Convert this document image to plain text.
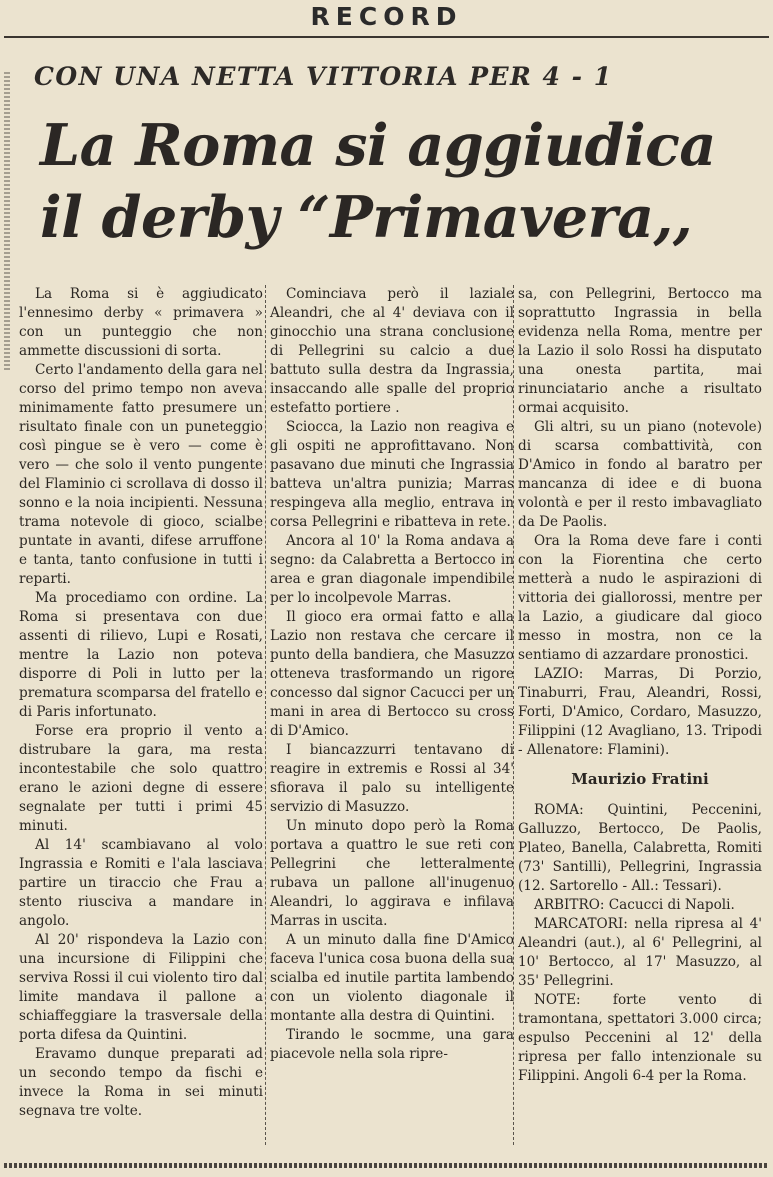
RECORD
CON UNA NETTA VITTORIA PER 4 - 1
La Roma si aggiudica
il derby “Primavera,,

La Roma si è aggiudicato l'ennesimo derby « primavera » con un punteggio che non ammette discussioni di sorta.

Certo l'andamento della gara nel corso del primo tempo non aveva minimamente fatto presumere un risultato finale con un puneteggio così pingue se è vero — come è vero — che solo il vento pungente del Flaminio ci scrollava di dosso il sonno e la noia incipienti. Nessuna trama notevole di gioco, scialbe puntate in avanti, difese arruffone e tanta, tanto confusione in tutti i reparti.

Ma procediamo con ordine. La Roma si presentava con due assenti di rilievo, Lupi e Rosati, mentre la Lazio non poteva disporre di Poli in lutto per la prematura scomparsa del fratello e di Paris infortunato.

Forse era proprio il vento a distrubare la gara, ma resta incontestabile che solo quattro erano le azioni degne di essere segnalate per tutti i primi 45 minuti.

Al 14' scambiavano al volo Ingrassia e Romiti e l'ala lasciava partire un tiraccio che Frau a stento riusciva a mandare in angolo.

Al 20' rispondeva la Lazio con una incursione di Filippini che serviva Rossi il cui violento tiro dal limite mandava il pallone a schiaffeggiare la trasversale della porta difesa da Quintini.

Eravamo dunque preparati ad un secondo tempo da fischi e invece la Roma in sei minuti segnava tre volte.

Cominciava però il laziale Aleandri, che al 4' deviava con il ginocchio una strana conclusione di Pellegrini su calcio a due battuto sulla destra da Ingrassia, insaccando alle spalle del proprio estefatto portiere .

Sciocca, la Lazio non reagiva e gli ospiti ne approfittavano. Non pasavano due minuti che Ingrassia batteva un'altra punizia; Marras respingeva alla meglio, entrava in corsa Pellegrini e ribatteva in rete.

Ancora al 10' la Roma andava a segno: da Calabretta a Bertocco in area e gran diagonale impendibile per lo incolpevole Marras.

Il gioco era ormai fatto e alla Lazio non restava che cercare il punto della bandiera, che Masuzzo otteneva trasformando un rigore concesso dal signor Cacucci per un mani in area di Bertocco su cross di D'Amico.

I biancazzurri tentavano di reagire in extremis e Rossi al 34' sfiorava il palo su intelligente servizio di Masuzzo.

Un minuto dopo però la Roma portava a quattro le sue reti con Pellegrini che letteralmente rubava un pallone all'inugenuo Aleandri, lo aggirava e infilava Marras in uscita.

A un minuto dalla fine D'Amico faceva l'unica cosa buona della sua scialba ed inutile partita lambendo con un violento diagonale il montante alla destra di Quintini.

Tirando le socmme, una gara piacevole nella sola ripre-

sa, con Pellegrini, Bertocco ma soprattutto Ingrassia in bella evidenza nella Roma, mentre per la Lazio il solo Rossi ha disputato una onesta partita, mai rinunciatario anche a risultato ormai acquisito.

Gli altri, su un piano (notevole) di scarsa combattività, con D'Amico in fondo al baratro per mancanza di idee e di buona volontà e per il resto imbavagliato da De Paolis.

Ora la Roma deve fare i conti con la Fiorentina che certo metterà a nudo le aspirazioni di vittoria dei giallorossi, mentre per la Lazio, a giudicare dal gioco messo in mostra, non ce la sentiamo di azzardare pronostici.

LAZIO: Marras, Di Porzio, Tinaburri, Frau, Aleandri, Rossi, Forti, D'Amico, Cordaro, Masuzzo, Filippini (12 Avagliano, 13. Tripodi - Allenatore: Flamini).

Maurizio Fratini

ROMA: Quintini, Peccenini, Galluzzo, Bertocco, De Paolis, Plateo, Banella, Calabretta, Romiti (73' Santilli), Pellegrini, Ingrassia (12. Sartorello - All.: Tessari).

ARBITRO: Cacucci di Napoli.

MARCATORI: nella ripresa al 4' Aleandri (aut.), al 6' Pellegrini, al 10' Bertocco, al 17' Masuzzo, al 35' Pellegrini.

NOTE: forte vento di tramontana, spettatori 3.000 circa; espulso Peccenini al 12' della ripresa per fallo intenzionale su Filippini. Angoli 6-4 per la Roma.
